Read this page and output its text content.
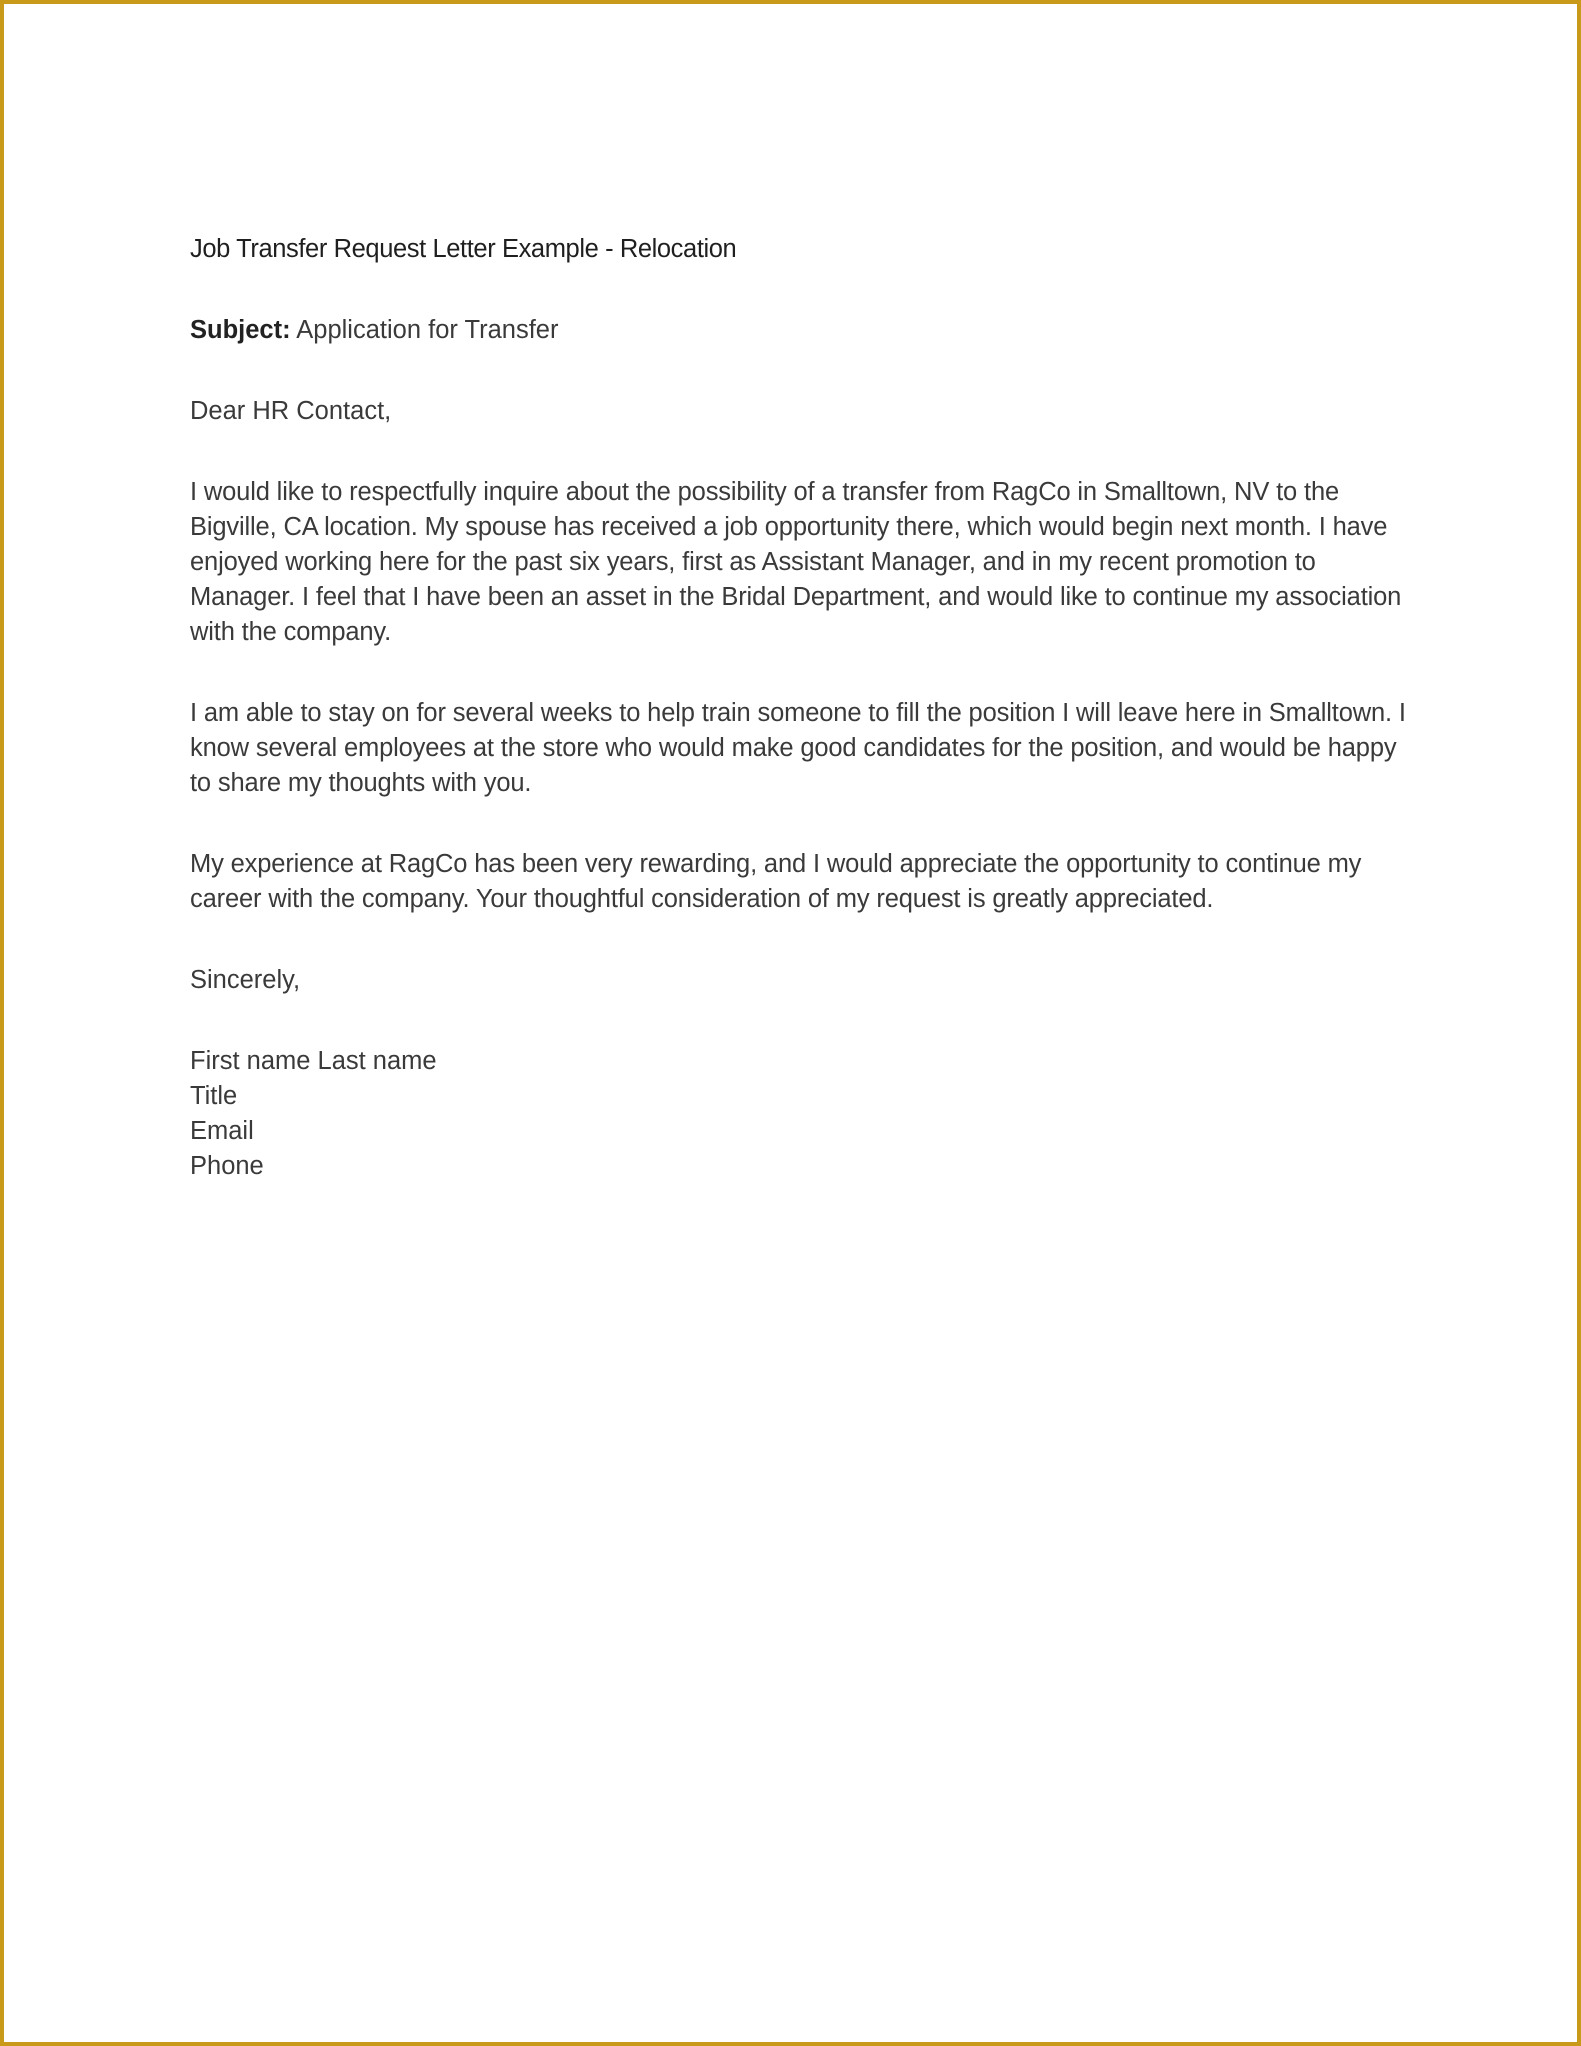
Job Transfer Request Letter Example - Relocation

Subject: Application for Transfer

Dear HR Contact,

I would like to respectfully inquire about the possibility of a transfer from RagCo in Smalltown, NV to the Bigville, CA location. My spouse has received a job opportunity there, which would begin next month. I have enjoyed working here for the past six years, first as Assistant Manager, and in my recent promotion to Manager. I feel that I have been an asset in the Bridal Department, and would like to continue my association with the company.

I am able to stay on for several weeks to help train someone to fill the position I will leave here in Smalltown. I know several employees at the store who would make good candidates for the position, and would be happy to share my thoughts with you.

My experience at RagCo has been very rewarding, and I would appreciate the opportunity to continue my career with the company. Your thoughtful consideration of my request is greatly appreciated.

Sincerely,

First name Last name
Title
Email
Phone
